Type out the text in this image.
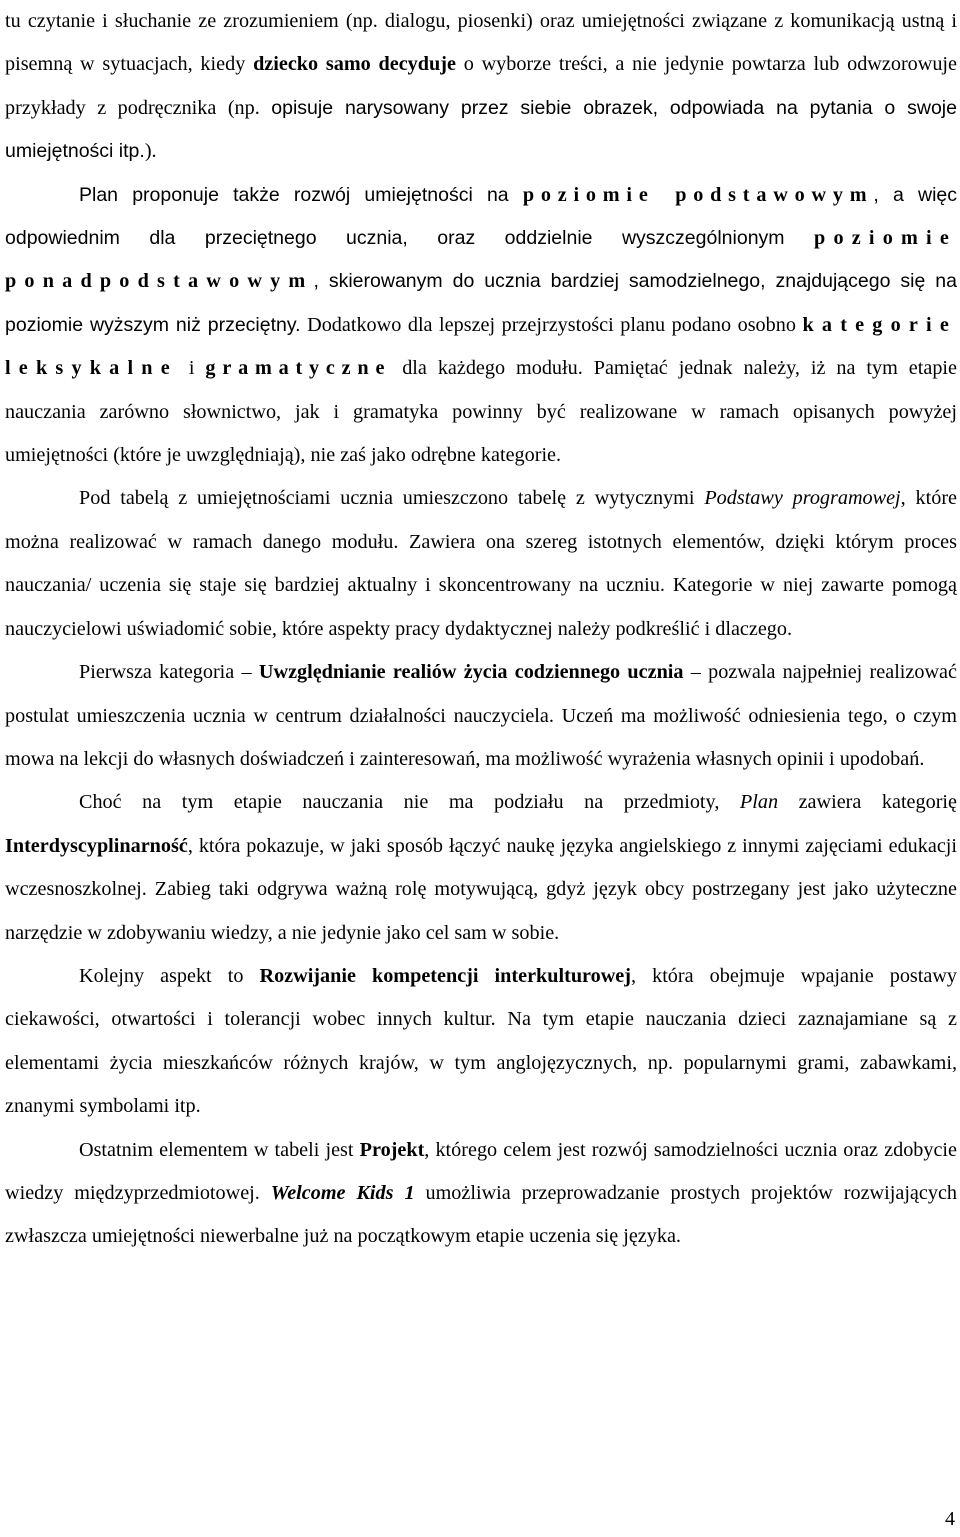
tu czytanie i słuchanie ze zrozumieniem (np. dialogu, piosenki) oraz umiejętności związane z komunikacją ustną i pisemną w sytuacjach, kiedy dziecko samo decyduje o wyborze treści, a nie jedynie powtarza lub odwzorowuje przykłady z podręcznika (np. opisuje narysowany przez siebie obrazek, odpowiada na pytania o swoje umiejętności itp.).

Plan proponuje także rozwój umiejętności na poziomie podstawowym, a więc odpowiednim dla przeciętnego ucznia, oraz oddzielnie wyszczególnionym poziomie ponadpodstawowym, skierowanym do ucznia bardziej samodzielnego, znajdującego się na poziomie wyższym niż przeciętny. Dodatkowo dla lepszej przejrzystości planu podano osobno kategorie leksykalne i gramatyczne dla każdego modułu. Pamiętać jednak należy, iż na tym etapie nauczania zarówno słownictwo, jak i gramatyka powinny być realizowane w ramach opisanych powyżej umiejętności (które je uwzględniają), nie zaś jako odrębne kategorie.

Pod tabelą z umiejętnościami ucznia umieszczono tabelę z wytycznymi Podstawy programowej, które można realizować w ramach danego modułu. Zawiera ona szereg istotnych elementów, dzięki którym proces nauczania/ uczenia się staje się bardziej aktualny i skoncentrowany na uczniu. Kategorie w niej zawarte pomogą nauczycielowi uświadomić sobie, które aspekty pracy dydaktycznej należy podkreślić i dlaczego.

Pierwsza kategoria – Uwzględnianie realiów życia codziennego ucznia – pozwala najpełniej realizować postulat umieszczenia ucznia w centrum działalności nauczyciela. Uczeń ma możliwość odniesienia tego, o czym mowa na lekcji do własnych doświadczeń i zainteresowań, ma możliwość wyrażenia własnych opinii i upodobań.

Choć na tym etapie nauczania nie ma podziału na przedmioty, Plan zawiera kategorię Interdyscyplinarność, która pokazuje, w jaki sposób łączyć naukę języka angielskiego z innymi zajęciami edukacji wczesnoszkolnej. Zabieg taki odgrywa ważną rolę motywującą, gdyż język obcy postrzegany jest jako użyteczne narzędzie w zdobywaniu wiedzy, a nie jedynie jako cel sam w sobie.

Kolejny aspekt to Rozwijanie kompetencji interkulturowej, która obejmuje wpajanie postawy ciekawości, otwartości i tolerancji wobec innych kultur. Na tym etapie nauczania dzieci zaznajamiane są z elementami życia mieszkańców różnych krajów, w tym anglojęzycznych, np. popularnymi grami, zabawkami, znanymi symbolami itp.

Ostatnim elementem w tabeli jest Projekt, którego celem jest rozwój samodzielności ucznia oraz zdobycie wiedzy międzyprzedmiotowej. Welcome Kids 1 umożliwia przeprowadzanie prostych projektów rozwijających zwłaszcza umiejętności niewerbalne już na początkowym etapie uczenia się języka.

4
